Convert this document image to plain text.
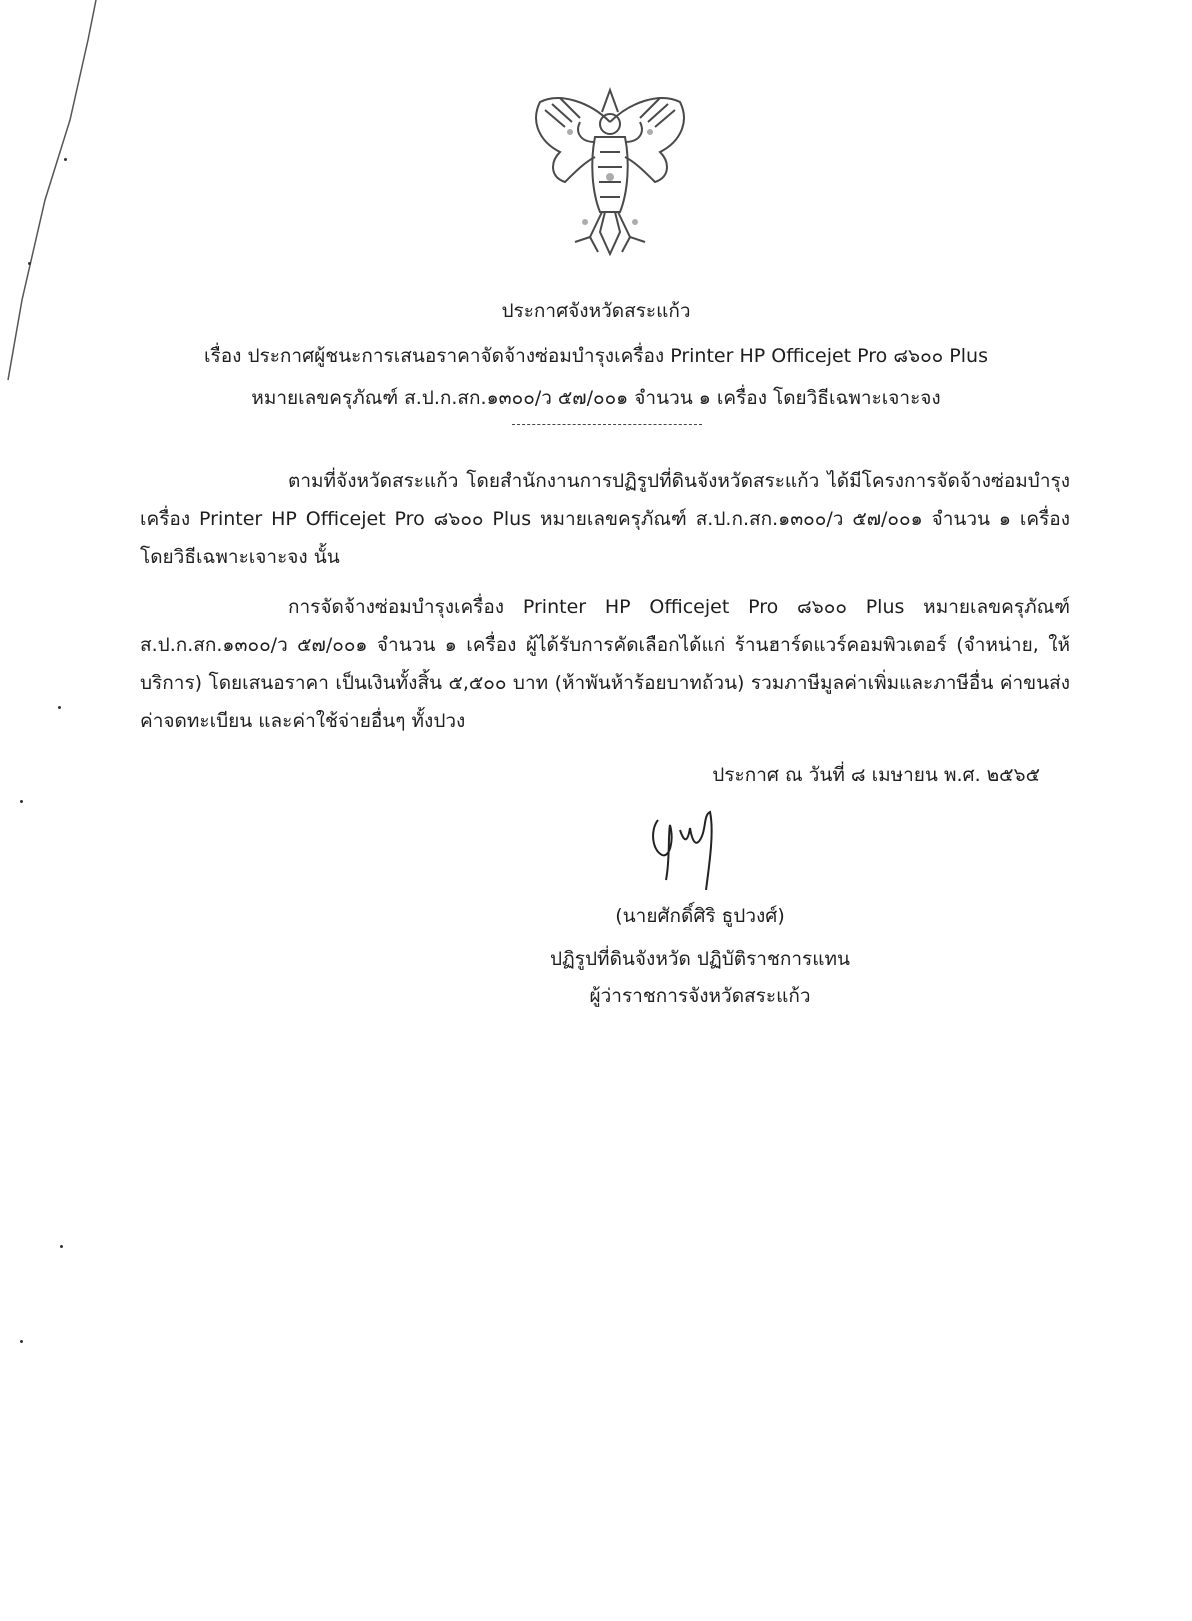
ประกาศจังหวัดสระแก้ว
เรื่อง ประกาศผู้ชนะการเสนอราคาจัดจ้างซ่อมบำรุงเครื่อง Printer HP Officejet Pro ๘๖๐๐ Plus
หมายเลขครุภัณฑ์ ส.ป.ก.สก.๑๓๐๐/ว ๕๗/๐๐๑ จำนวน ๑ เครื่อง โดยวิธีเฉพาะเจาะจง
ตามที่จังหวัดสระแก้ว โดยสำนักงานการปฏิรูปที่ดินจังหวัดสระแก้ว ได้มีโครงการจัดจ้างซ่อมบำรุงเครื่อง Printer HP Officejet Pro ๘๖๐๐ Plus หมายเลขครุภัณฑ์ ส.ป.ก.สก.๑๓๐๐/ว ๕๗/๐๐๑ จำนวน ๑ เครื่อง โดยวิธีเฉพาะเจาะจง นั้น
การจัดจ้างซ่อมบำรุงเครื่อง Printer HP Officejet Pro ๘๖๐๐ Plus หมายเลขครุภัณฑ์ ส.ป.ก.สก.๑๓๐๐/ว ๕๗/๐๐๑ จำนวน ๑ เครื่อง ผู้ได้รับการคัดเลือกได้แก่ ร้านฮาร์ดแวร์คอมพิวเตอร์ (จำหน่าย, ให้บริการ) โดยเสนอราคา เป็นเงินทั้งสิ้น ๕,๕๐๐ บาท (ห้าพันห้าร้อยบาทถ้วน) รวมภาษีมูลค่าเพิ่มและภาษีอื่น ค่าขนส่ง ค่าจดทะเบียน และค่าใช้จ่ายอื่นๆ ทั้งปวง
ประกาศ ณ วันที่ ๘ เมษายน พ.ศ. ๒๕๖๕
(นายศักดิ์ศิริ ธูปวงศ์)
ปฏิรูปที่ดินจังหวัด ปฏิบัติราชการแทน
ผู้ว่าราชการจังหวัดสระแก้ว
